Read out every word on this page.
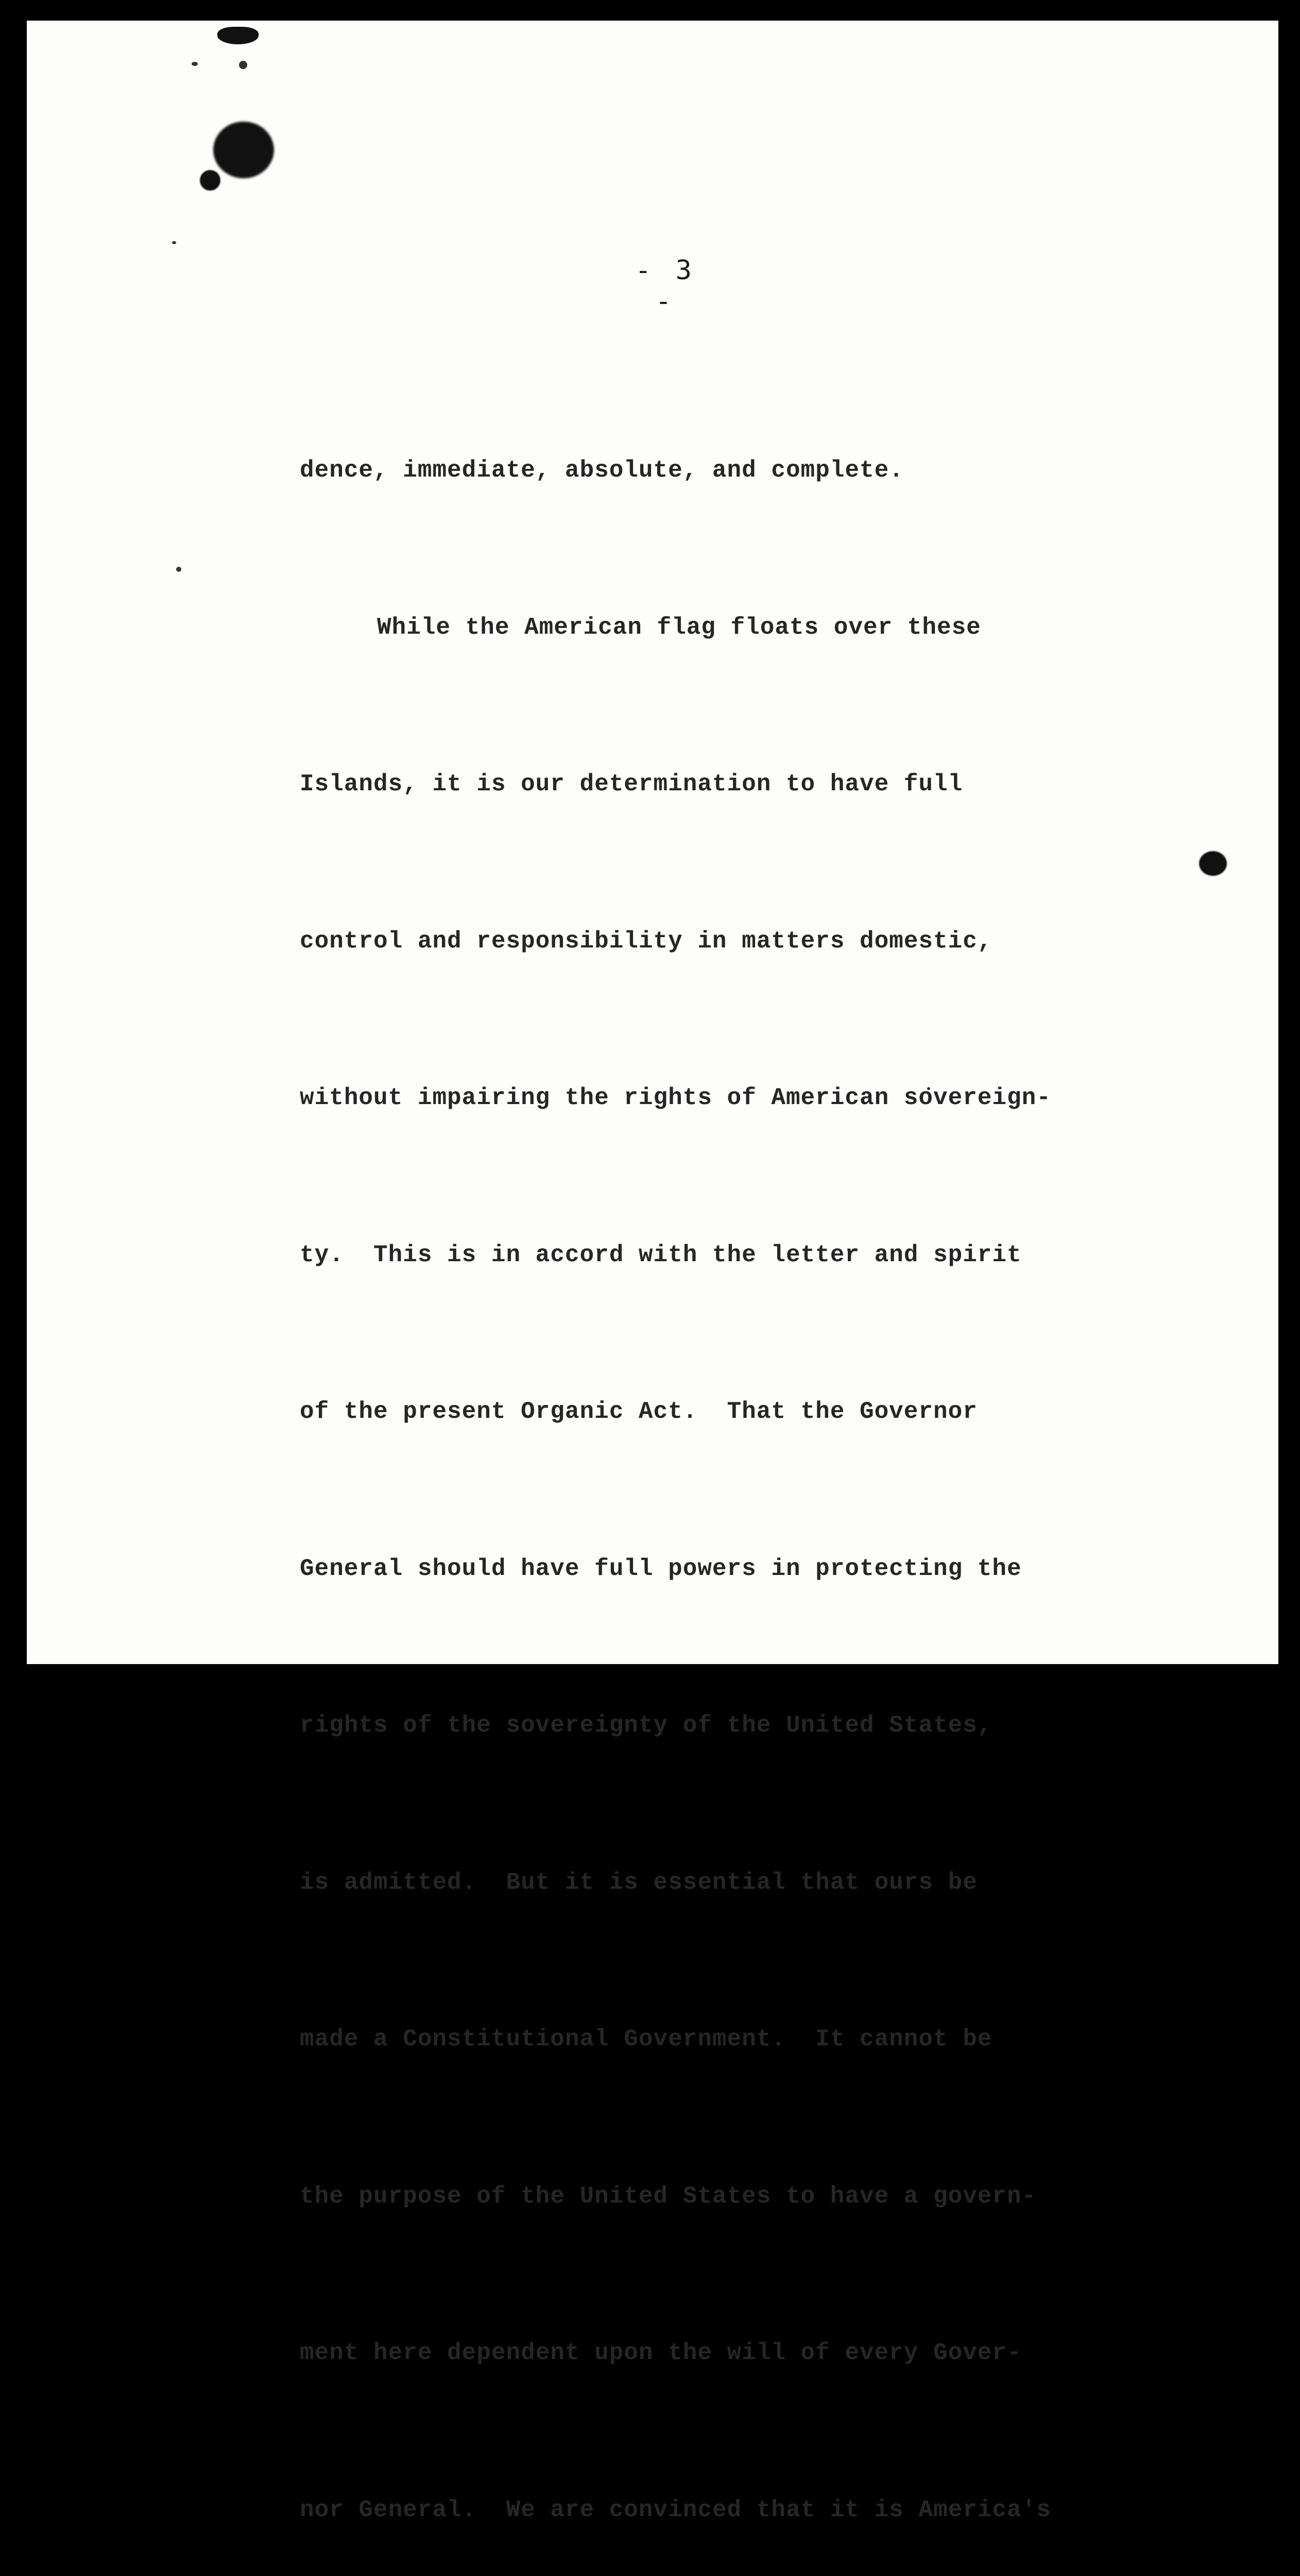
- 3 -

dence, immediate, absolute, and complete.

While the American flag floats over these

Islands, it is our determination to have full

control and responsibility in matters domestic,

without impairing the rights of American sovereign-

ty.  This is in accord with the letter and spirit

of the present Organic Act.  That the Governor

General should have full powers in protecting the

rights of the sovereignty of the United States,

is admitted.  But it is essential that ours be

made a Constitutional Government.  It cannot be

the purpose of the United States to have a govern-

ment here dependent upon the will of every Gover-

nor General.  We are convinced that it is America's
